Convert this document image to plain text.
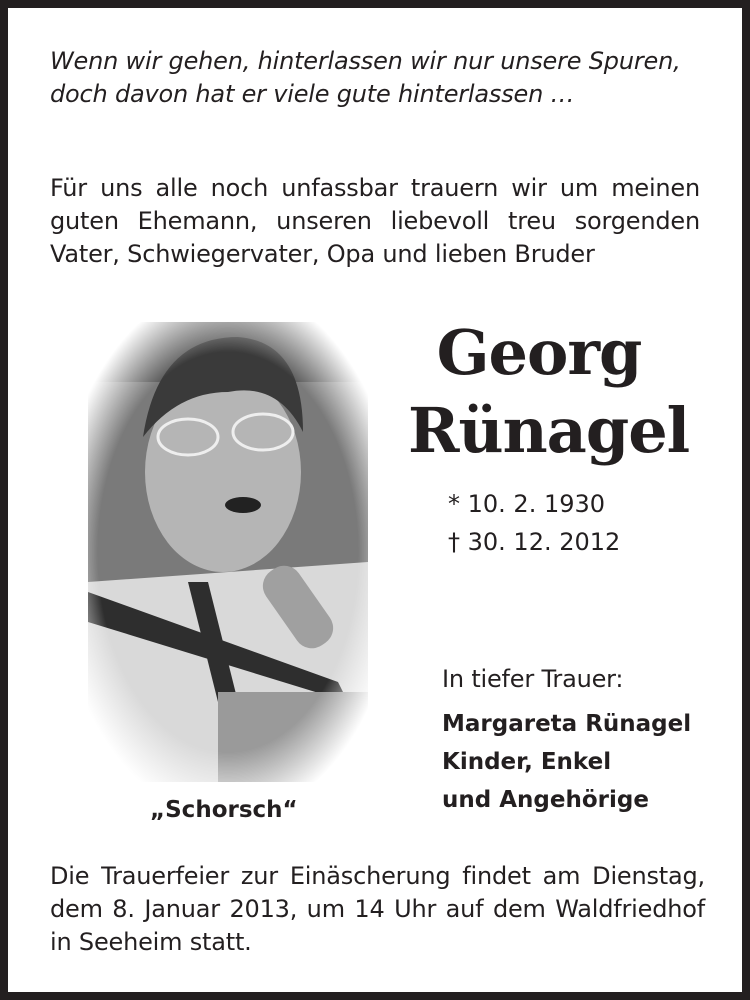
Wenn wir gehen, hinterlassen wir nur unsere Spuren,
doch davon hat er viele gute hinterlassen …
Für uns alle noch unfassbar trauern wir um meinen guten Ehemann, unseren liebevoll treu sorgenden Vater, Schwiegervater, Opa und lieben Bruder
Georg
Rünagel
* 10. 2. 1930
† 30. 12. 2012
In tiefer Trauer:
Margareta Rünagel
Kinder, Enkel
und Angehörige
„Schorsch“
Die Trauerfeier zur Einäscherung findet am Dienstag, dem 8. Januar 2013, um 14 Uhr auf dem Waldfriedhof in Seeheim statt.
